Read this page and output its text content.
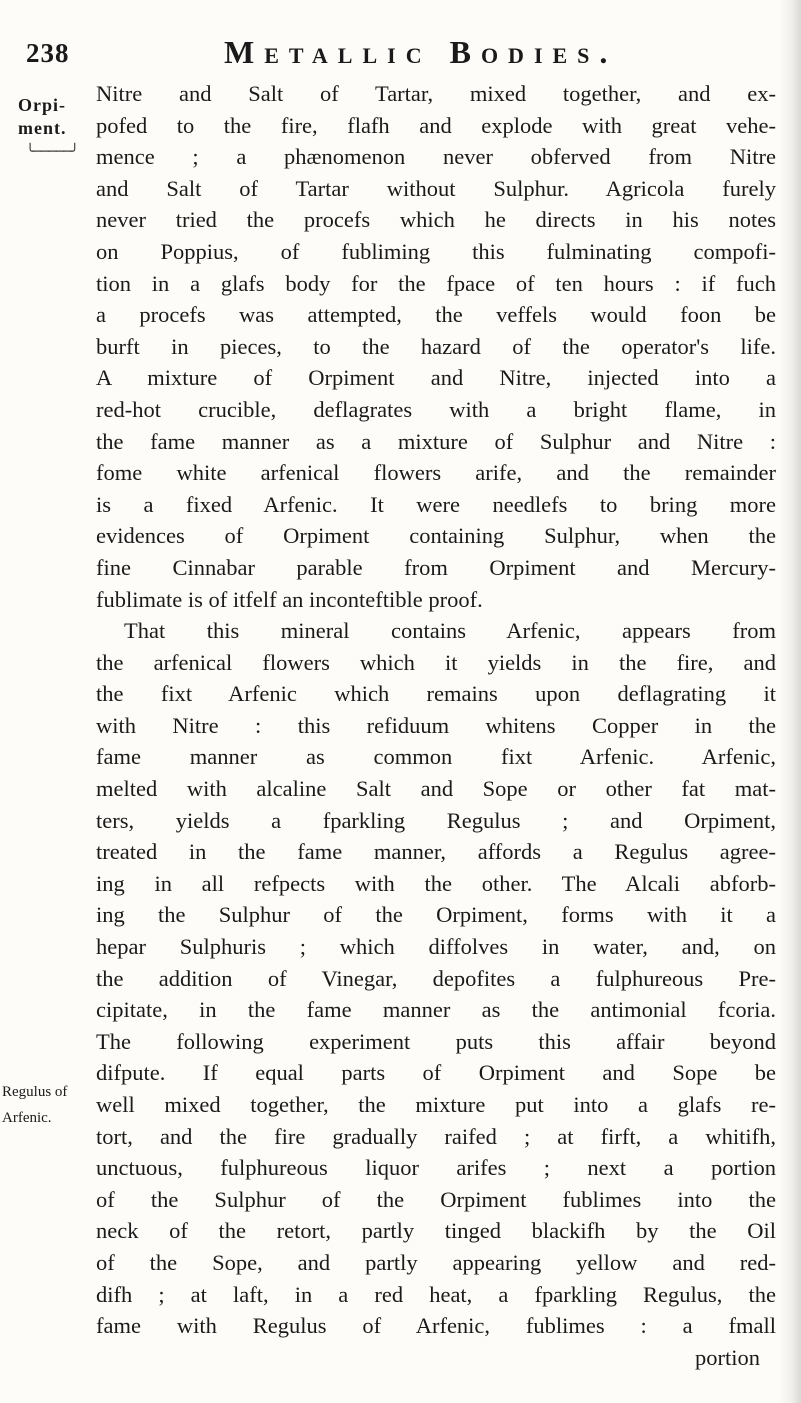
238	Metallic Bodies.
Orpi-
ment.
╰─────╯
Regulus of
Arfenic.
Nitre and Salt of Tartar, mixed together, and ex-
pofed to the fire, flafh and explode with great vehe-
mence ; a phænomenon never obferved from Nitre
and Salt of Tartar without Sulphur. Agricola furely
never tried the procefs which he directs in his notes
on Poppius, of fubliming this fulminating compofi-
tion in a glafs body for the fpace of ten hours : if fuch
a procefs was attempted, the veffels would foon be
burft in pieces, to the hazard of the operator's life.
A mixture of Orpiment and Nitre, injected into a
red-hot crucible, deflagrates with a bright flame, in
the fame manner as a mixture of Sulphur and Nitre :
fome white arfenical flowers arife, and the remainder
is a fixed Arfenic. It were needlefs to bring more
evidences of Orpiment containing Sulphur, when the
fine Cinnabar parable from Orpiment and Mercury-
fublimate is of itfelf an inconteftible proof.
That this mineral contains Arfenic, appears from
the arfenical flowers which it yields in the fire, and
the fixt Arfenic which remains upon deflagrating it
with Nitre : this refiduum whitens Copper in the
fame manner as common fixt Arfenic. Arfenic,
melted with alcaline Salt and Sope or other fat mat-
ters, yields a fparkling Regulus ; and Orpiment,
treated in the fame manner, affords a Regulus agree-
ing in all refpects with the other. The Alcali abforb-
ing the Sulphur of the Orpiment, forms with it a
hepar Sulphuris ; which diffolves in water, and, on
the addition of Vinegar, depofites a fulphureous Pre-
cipitate, in the fame manner as the antimonial fcoria.
The following experiment puts this affair beyond
difpute. If equal parts of Orpiment and Sope be
well mixed together, the mixture put into a glafs re-
tort, and the fire gradually raifed ; at firft, a whitifh,
unctuous, fulphureous liquor arifes ; next a portion
of the Sulphur of the Orpiment fublimes into the
neck of the retort, partly tinged blackifh by the Oil
of the Sope, and partly appearing yellow and red-
difh ; at laft, in a red heat, a fparkling Regulus, the
fame with Regulus of Arfenic, fublimes : a fmall
portion
